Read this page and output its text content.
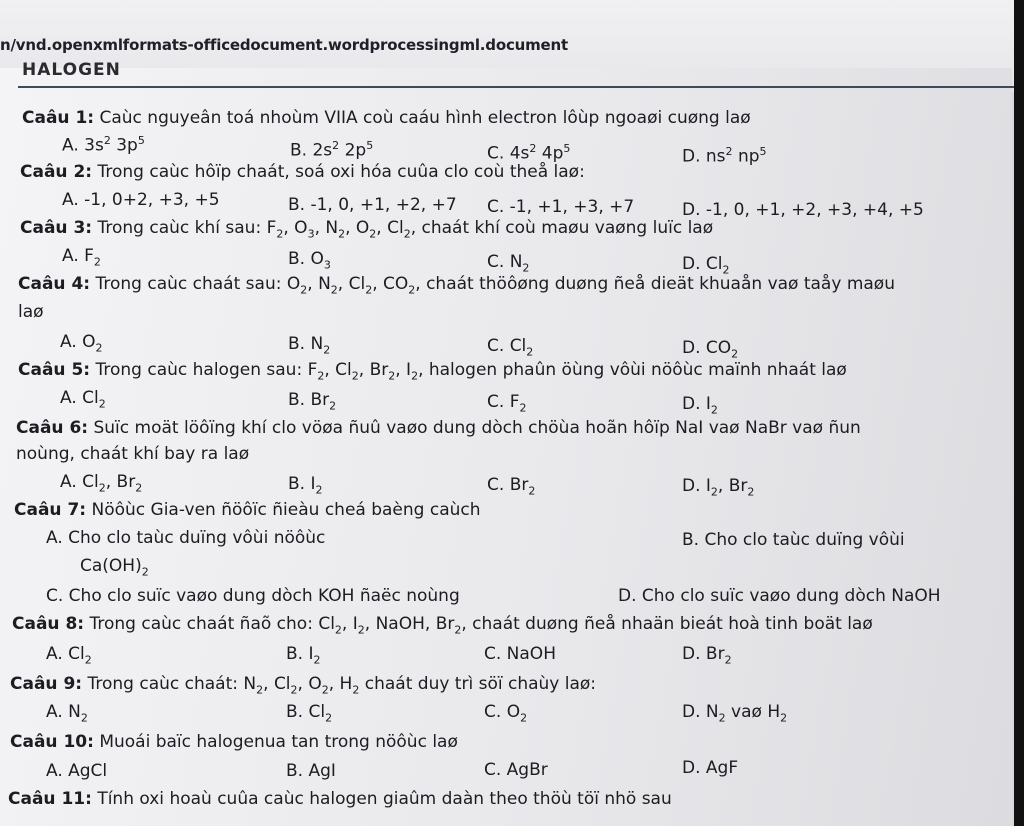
n/vnd.openxmlformats-officedocument.wordprocessingml.document
HALOGEN
Caâu 1: Caùc nguyeân toá nhoùm VIIA coù caáu hình electron lôùp ngoaøi cuøng laø
A. $3s^2$ $3p^5$
B. $2s^2$ $2p^5$	C. $4s^2$ $4p^5$	D. $ns^2$ $np^5$
Caâu 2: Trong caùc hôïp chaát, soá oxi hóa cuûa clo coù theå laø:
A. -1, 0+2, +3, +5	B. -1, 0, +1, +2, +7 C. -1, +1, +3, +7	D. -1, 0, +1, +2, +3, +4, +5
Caâu 3: Trong caùc khí sau: $F_2$, $O_3$, $N_2$, $O_2$, $Cl_2$, chaát khí coù maøu vaøng luïc laø
A. $F_2$	B. $O_3$	C. $N_2$	D. $Cl_2$
Caâu 4: Trong caùc chaát sau: $O_2$, $N_2$, $Cl_2$, $CO_2$, chaát thöôøng duøng ñeå dieät khuaån vaø taåy maøu
laø
A. $O_2$	B. $N_2$	C. $Cl_2$	D. $CO_2$
Caâu 5: Trong caùc halogen sau: $F_2$, $Cl_2$, $Br_2$, $I_2$, halogen phaûn öùng vôùi nöôùc maïnh nhaát laø
A. $Cl_2$	B. $Br_2$	C. $F_2$	D. $I_2$
Caâu 6: Suïc moät löôïng khí clo vöøa ñuû vaøo dung dòch chöùa hoãn hôïp NaI vaø NaBr vaø ñun
noùng, chaát khí bay ra laø
A. $Cl_2$, $Br_2$	B. $I_2$	C. $Br_2$	D. $I_2$, $Br_2$
Caâu 7: Nöôùc Gia-ven ñöôïc ñieàu cheá baèng caùch
A. Cho clo taùc duïng vôùi nöôùc	B. Cho clo taùc duïng vôùi
$Ca(OH)_2$
C. Cho clo suïc vaøo dung dòch KOH ñaëc noùng	D. Cho clo suïc vaøo dung dòch NaOH
Caâu 8: Trong caùc chaát ñaõ cho: $Cl_2$, $I_2$, NaOH, $Br_2$, chaát duøng ñeå nhaän bieát hoà tinh boät laø
A. $Cl_2$	B. $I_2$	C. NaOH	D. $Br_2$
Caâu 9: Trong caùc chaát: $N_2$, $Cl_2$, $O_2$, $H_2$ chaát duy trì söï chaùy laø:
A. $N_2$	B. $Cl_2$	C. $O_2$	D. $N_2$ vaø $H_2$
Caâu 10: Muoái baïc halogenua tan trong nöôùc laø
A. AgCl	B. AgI	C. AgBr	D. AgF
Caâu 11: Tính oxi hoaù cuûa caùc halogen giaûm daàn theo thöù töï nhö sau
